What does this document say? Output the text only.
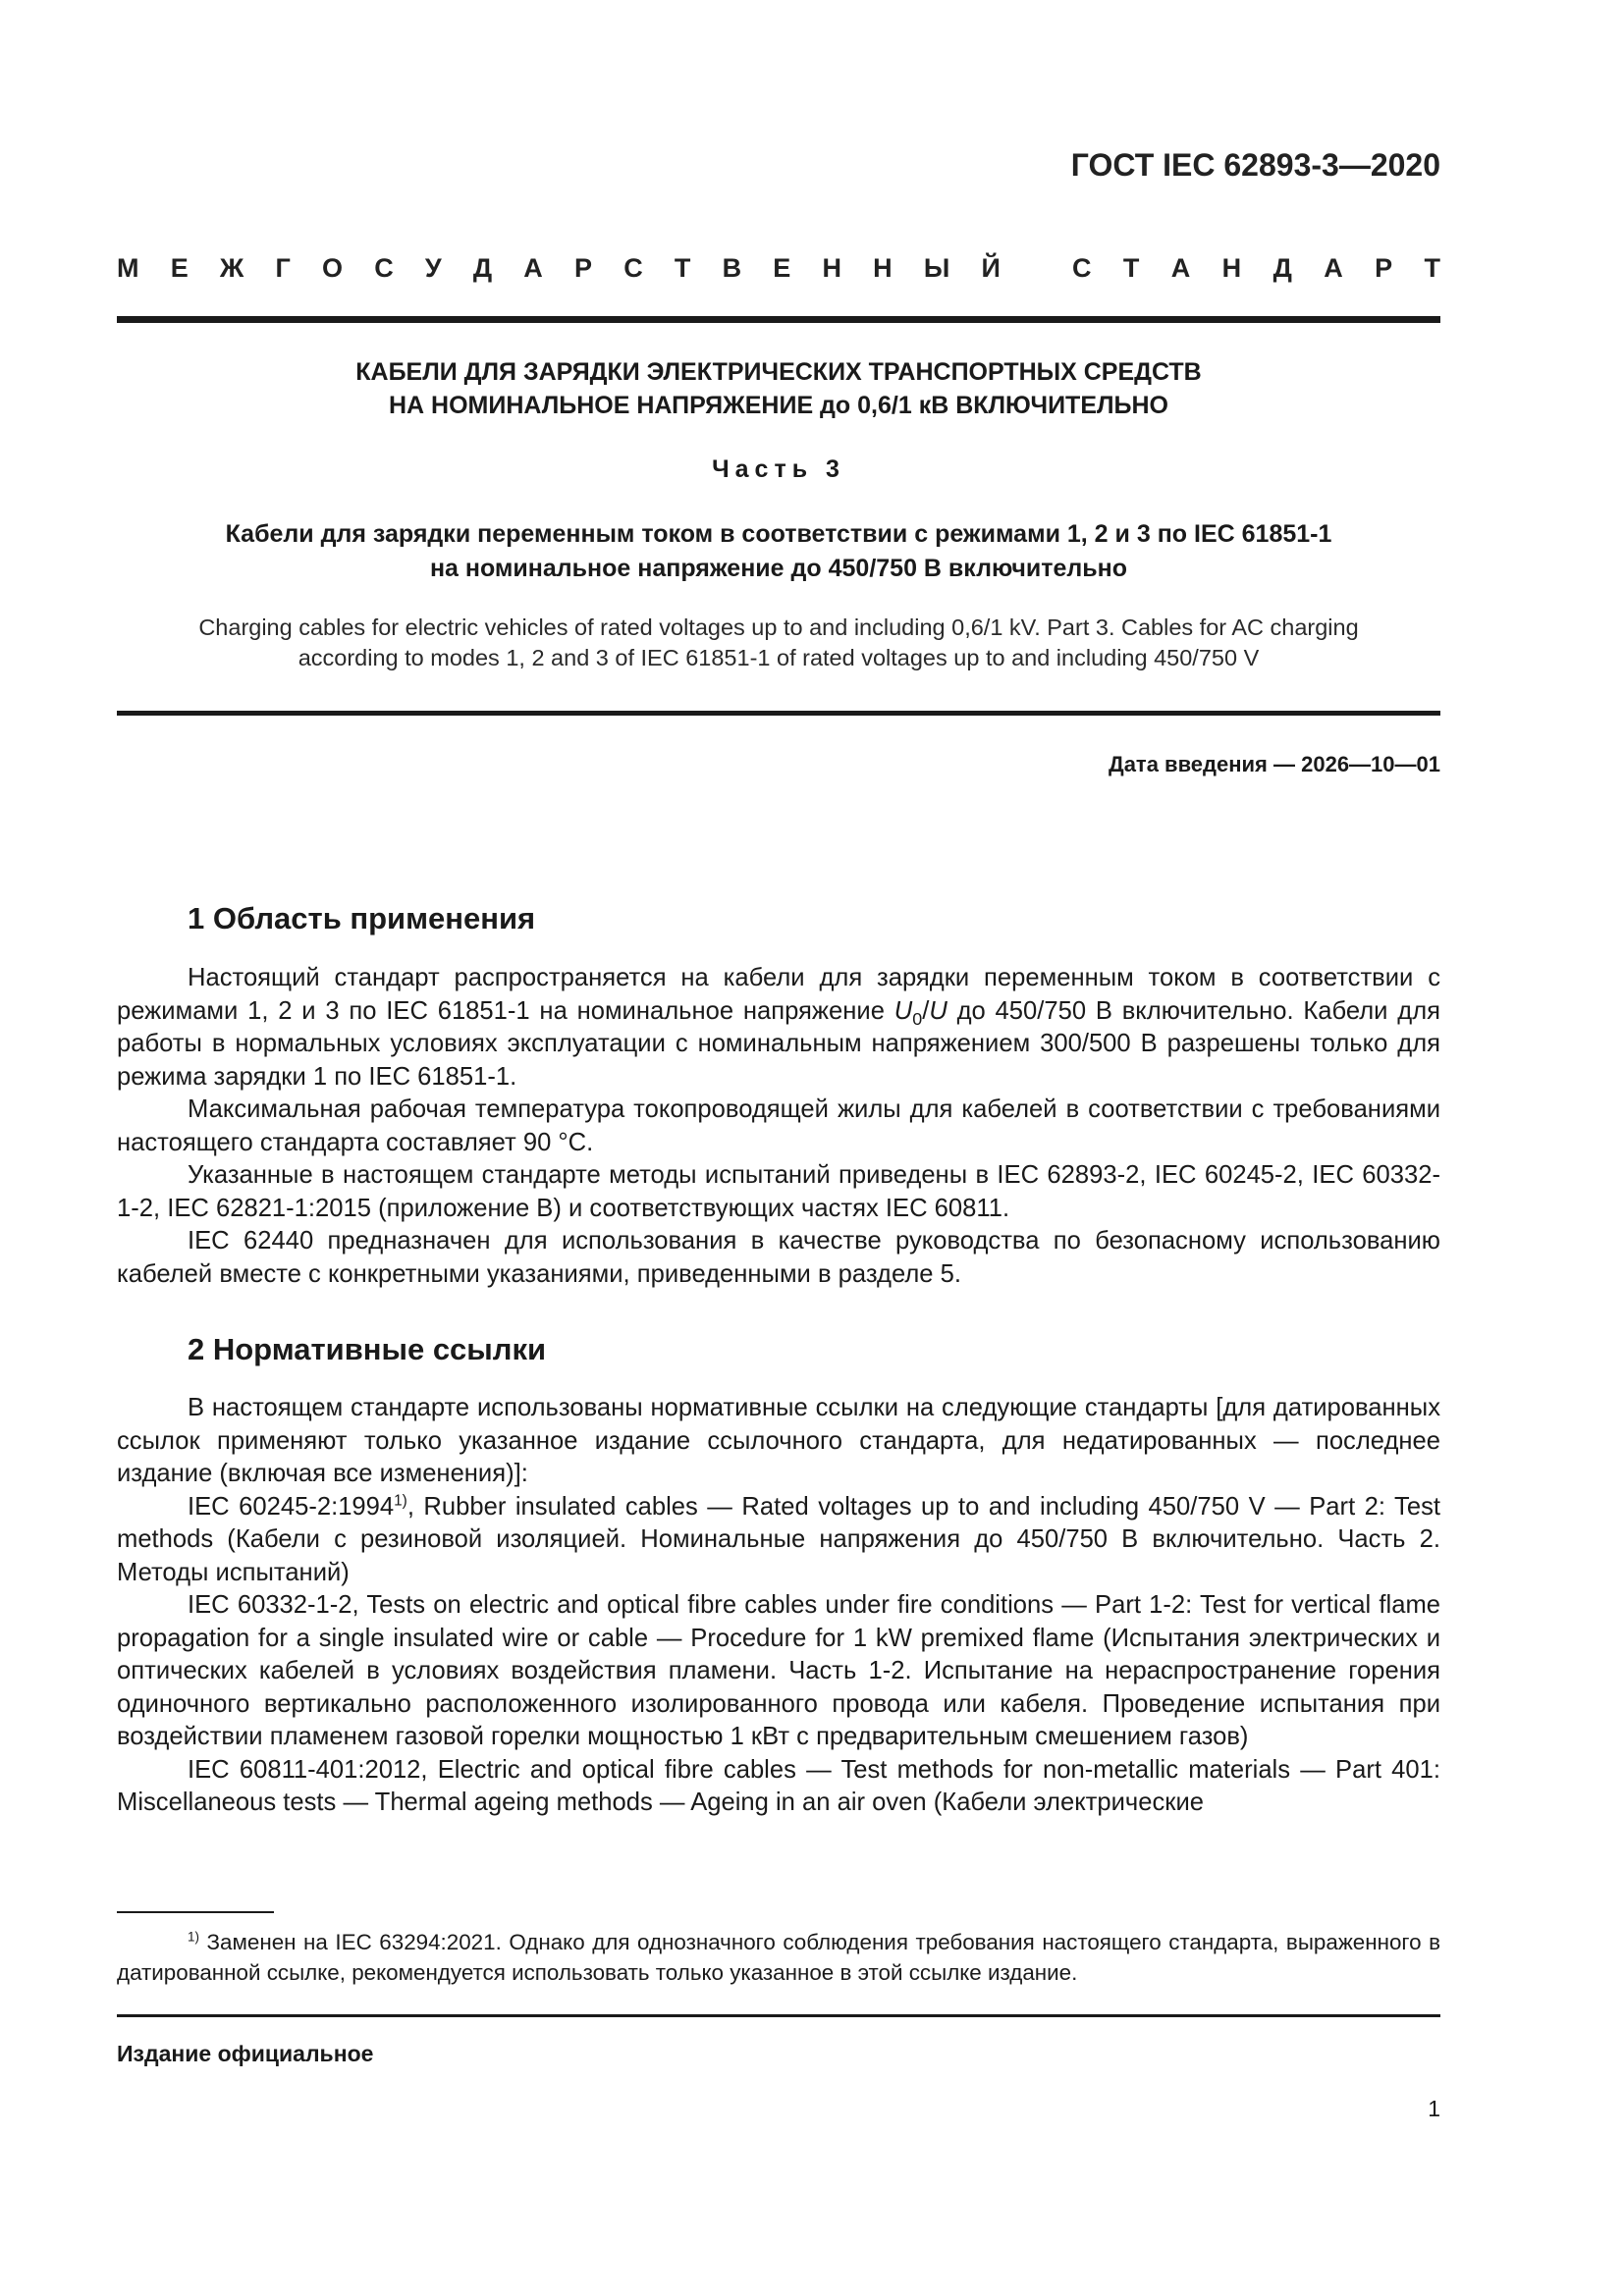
ГОСТ IEC 62893-3—2020
М Е Ж Г О С У Д А Р С Т В Е Н Н Ы Й	С Т А Н Д А Р Т
КАБЕЛИ ДЛЯ ЗАРЯДКИ ЭЛЕКТРИЧЕСКИХ ТРАНСПОРТНЫХ СРЕДСТВ
НА НОМИНАЛЬНОЕ НАПРЯЖЕНИЕ до 0,6/1 кВ ВКЛЮЧИТЕЛЬНО
Часть 3
Кабели для зарядки переменным током в соответствии с режимами 1, 2 и 3 по IEC 61851-1
на номинальное напряжение до 450/750 В включительно
Charging cables for electric vehicles of rated voltages up to and including 0,6/1 kV. Part 3. Cables for AC charging
according to modes 1, 2 and 3 of IEC 61851-1 of rated voltages up to and including 450/750 V
Дата введения — 2026—10—01
1 Область применения

Настоящий стандарт распространяется на кабели для зарядки переменным током в соответствии с режимами 1, 2 и 3 по IEC 61851-1 на номинальное напряжение $U_0/U$ до 450/750 В включительно. Кабели для работы в нормальных условиях эксплуатации с номинальным напряжением 300/500 В разрешены только для режима зарядки 1 по IEC 61851-1.

Максимальная рабочая температура токопроводящей жилы для кабелей в соответствии с требованиями настоящего стандарта составляет 90 °С.

Указанные в настоящем стандарте методы испытаний приведены в IEC 62893-2, IEC 60245-2, IEC 60332-1-2, IEC 62821-1:2015 (приложение В) и соответствующих частях IEC 60811.

IEC 62440 предназначен для использования в качестве руководства по безопасному использованию кабелей вместе с конкретными указаниями, приведенными в разделе 5.

2 Нормативные ссылки

В настоящем стандарте использованы нормативные ссылки на следующие стандарты [для датированных ссылок применяют только указанное издание ссылочного стандарта, для недатированных — последнее издание (включая все изменения)]:

IEC 60245-2:1994$^{1)}$, Rubber insulated cables — Rated voltages up to and including 450/750 V — Part 2: Test methods (Кабели с резиновой изоляцией. Номинальные напряжения до 450/750 В включительно. Часть 2. Методы испытаний)

IEC 60332-1-2, Tests on electric and optical fibre cables under fire conditions — Part 1-2: Test for vertical flame propagation for a single insulated wire or cable — Procedure for 1 kW premixed flame (Испытания электрических и оптических кабелей в условиях воздействия пламени. Часть 1-2. Испытание на нераспространение горения одиночного вертикально расположенного изолированного провода или кабеля. Проведение испытания при воздействии пламенем газовой горелки мощностью 1 кВт с предварительным смешением газов)

IEC 60811-401:2012, Electric and optical fibre cables — Test methods for non-metallic materials — Part 401: Miscellaneous tests — Thermal ageing methods — Ageing in an air oven (Кабели электрические

$^{1)}$ Заменен на IEC 63294:2021. Однако для однозначного соблюдения требования настоящего стандарта, выраженного в датированной ссылке, рекомендуется использовать только указанное в этой ссылке издание.

Издание официальное
1
